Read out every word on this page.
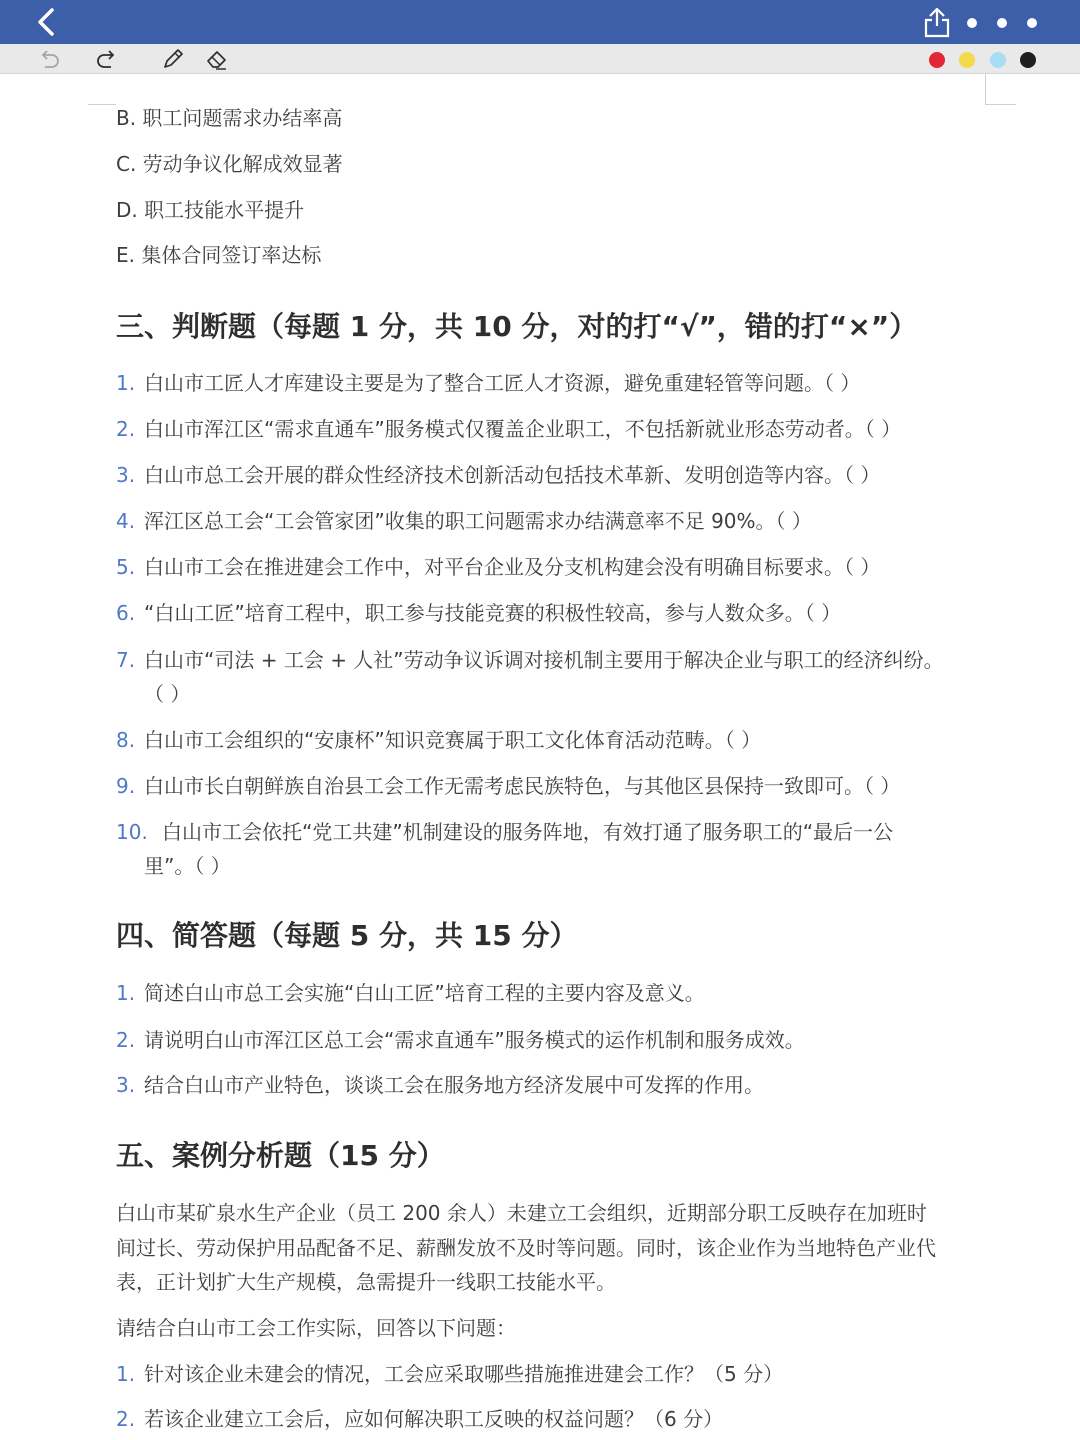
B. 职工问题需求办结率高
C. 劳动争议化解成效显著
D. 职工技能水平提升
E. 集体合同签订率达标
三、判断题（每题 1 分，共 10 分，对的打“√”，错的打“×”）
1. 白山市工匠人才库建设主要是为了整合工匠人才资源，避免重建轻管等问题。（ ）
2. 白山市浑江区“需求直通车”服务模式仅覆盖企业职工，不包括新就业形态劳动者。（ ）
3. 白山市总工会开展的群众性经济技术创新活动包括技术革新、发明创造等内容。（ ）
4. 浑江区总工会“工会管家团”收集的职工问题需求办结满意率不足 90%。（ ）
5. 白山市工会在推进建会工作中，对平台企业及分支机构建会没有明确目标要求。（ ）
6. “白山工匠”培育工程中，职工参与技能竞赛的积极性较高，参与人数众多。（ ）
7. 白山市“司法 + 工会 + 人社”劳动争议诉调对接机制主要用于解决企业与职工的经济纠纷。
（ ）
8. 白山市工会组织的“安康杯”知识竞赛属于职工文化体育活动范畴。（ ）
9. 白山市长白朝鲜族自治县工会工作无需考虑民族特色，与其他区县保持一致即可。（ ）
10. 白山市工会依托“党工共建”机制建设的服务阵地，有效打通了服务职工的“最后一公
里”。（ ）
四、简答题（每题 5 分，共 15 分）
1. 简述白山市总工会实施“白山工匠”培育工程的主要内容及意义。
2. 请说明白山市浑江区总工会“需求直通车”服务模式的运作机制和服务成效。
3. 结合白山市产业特色，谈谈工会在服务地方经济发展中可发挥的作用。
五、案例分析题（15 分）
白山市某矿泉水生产企业（员工 200 余人）未建立工会组织，近期部分职工反映存在加班时
间过长、劳动保护用品配备不足、薪酬发放不及时等问题。同时，该企业作为当地特色产业代
表，正计划扩大生产规模，急需提升一线职工技能水平。
请结合白山市工会工作实际，回答以下问题：
1. 针对该企业未建会的情况，工会应采取哪些措施推进建会工作？（5 分）
2. 若该企业建立工会后，应如何解决职工反映的权益问题？（6 分）
